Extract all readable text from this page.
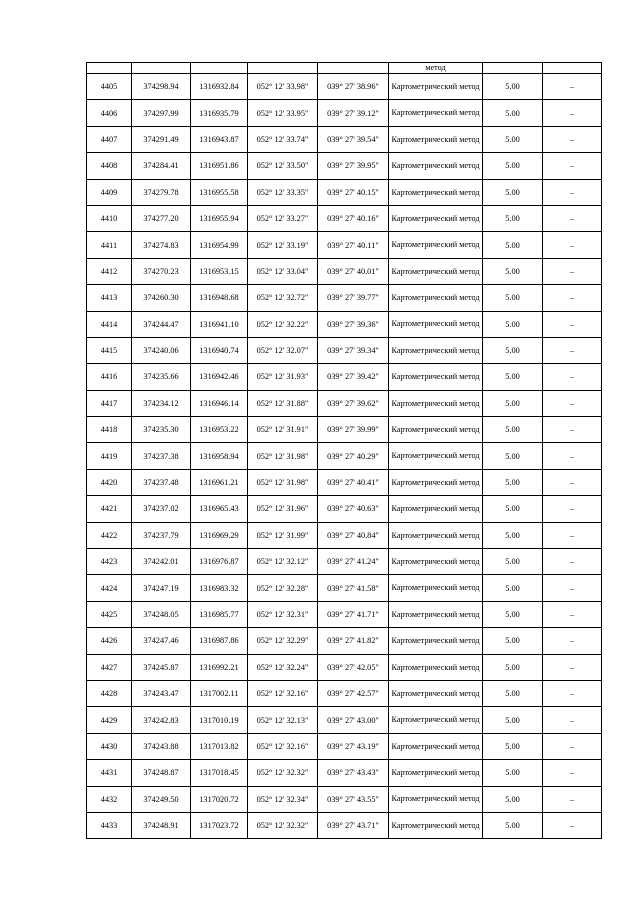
					метод		
4405	374298.94	1316932.84	052° 12' 33.98"	039° 27' 38.96"	Картометрический метод	5.00	–
4406	374297.99	1316935.79	052° 12' 33.95"	039° 27' 39.12"	Картометрический метод	5.00	–
4407	374291.49	1316943.87	052° 12' 33.74"	039° 27' 39.54"	Картометрический метод	5.00	–
4408	374284.41	1316951.86	052° 12' 33.50"	039° 27' 39.95"	Картометрический метод	5.00	–
4409	374279.78	1316955.58	052° 12' 33.35"	039° 27' 40.15"	Картометрический метод	5.00	–
4410	374277.20	1316955.94	052° 12' 33.27"	039° 27' 40.16"	Картометрический метод	5.00	–
4411	374274.83	1316954.99	052° 12' 33.19"	039° 27' 40.11"	Картометрический метод	5.00	–
4412	374270.23	1316953.15	052° 12' 33.04"	039° 27' 40.01"	Картометрический метод	5.00	–
4413	374260.30	1316948.68	052° 12' 32.72"	039° 27' 39.77"	Картометрический метод	5.00	–
4414	374244.47	1316941.10	052° 12' 32.22"	039° 27' 39.36"	Картометрический метод	5.00	–
4415	374240.06	1316940.74	052° 12' 32.07"	039° 27' 39.34"	Картометрический метод	5.00	–
4416	374235.66	1316942.46	052° 12' 31.93"	039° 27' 39.42"	Картометрический метод	5.00	–
4417	374234.12	1316946.14	052° 12' 31.88"	039° 27' 39.62"	Картометрический метод	5.00	–
4418	374235.30	1316953.22	052° 12' 31.91"	039° 27' 39.99"	Картометрический метод	5.00	–
4419	374237.38	1316958.94	052° 12' 31.98"	039° 27' 40.29"	Картометрический метод	5.00	–
4420	374237.48	1316961.21	052° 12' 31.98"	039° 27' 40.41"	Картометрический метод	5.00	–
4421	374237.02	1316965.43	052° 12' 31.96"	039° 27' 40.63"	Картометрический метод	5.00	–
4422	374237.79	1316969.29	052° 12' 31.99"	039° 27' 40.84"	Картометрический метод	5.00	–
4423	374242.01	1316976.87	052° 12' 32.12"	039° 27' 41.24"	Картометрический метод	5.00	–
4424	374247.19	1316983.32	052° 12' 32.28"	039° 27' 41.58"	Картометрический метод	5.00	–
4425	374248.05	1316985.77	052° 12' 32.31"	039° 27' 41.71"	Картометрический метод	5.00	–
4426	374247.46	1316987.86	052° 12' 32.29"	039° 27' 41.82"	Картометрический метод	5.00	–
4427	374245.87	1316992.21	052° 12' 32.24"	039° 27' 42.05"	Картометрический метод	5.00	–
4428	374243.47	1317002.11	052° 12' 32.16"	039° 27' 42.57"	Картометрический метод	5.00	–
4429	374242.83	1317010.19	052° 12' 32.13"	039° 27' 43.00"	Картометрический метод	5.00	–
4430	374243.88	1317013.82	052° 12' 32.16"	039° 27' 43.19"	Картометрический метод	5.00	–
4431	374248.87	1317018.45	052° 12' 32.32"	039° 27' 43.43"	Картометрический метод	5.00	–
4432	374249.50	1317020.72	052° 12' 32.34"	039° 27' 43.55"	Картометрический метод	5.00	–
4433	374248.91	1317023.72	052° 12' 32.32"	039° 27' 43.71"	Картометрический метод	5.00	–
